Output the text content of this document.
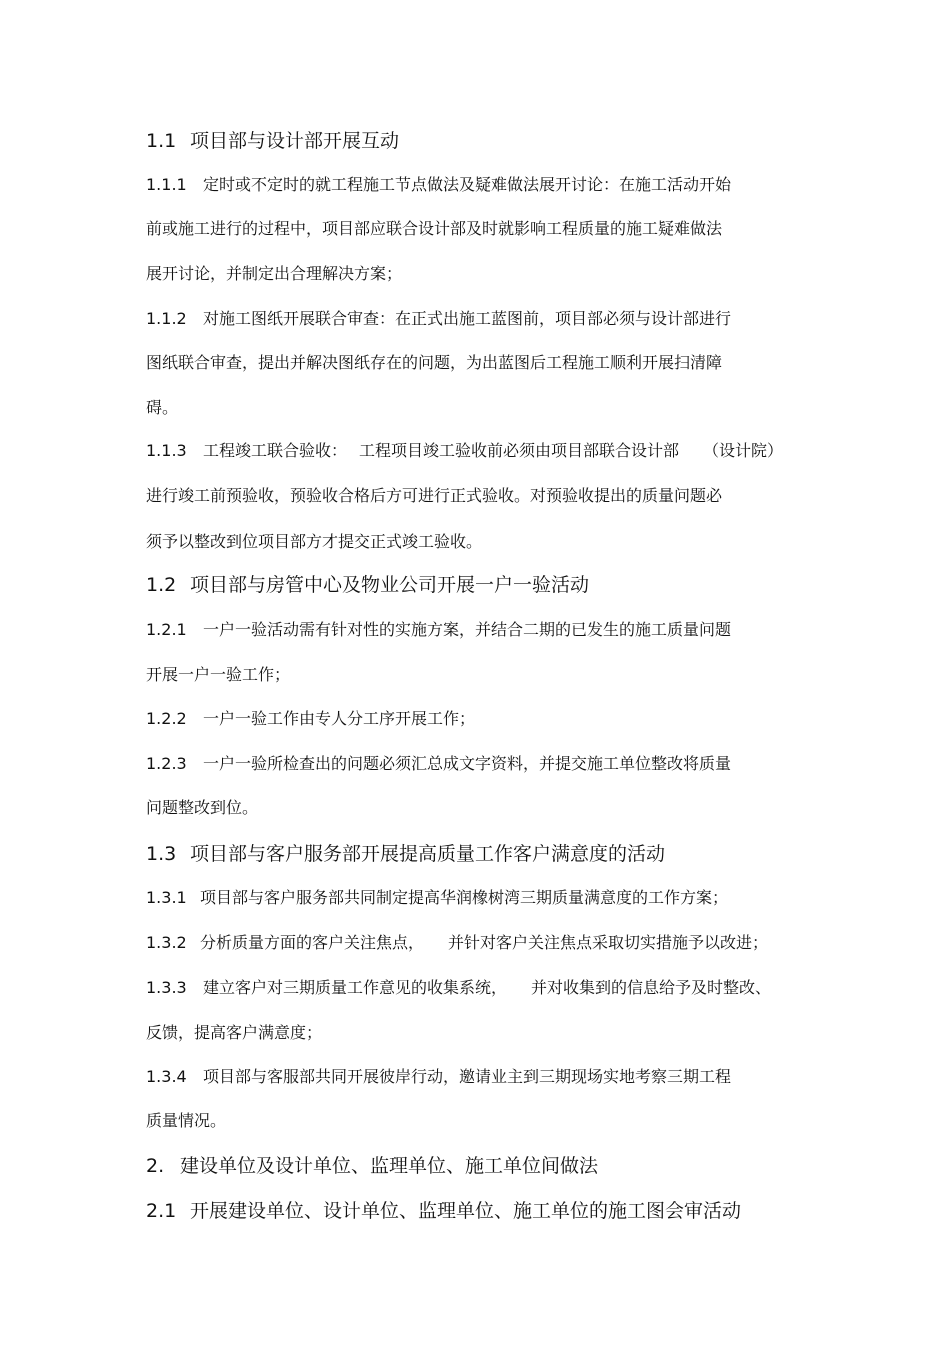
1.1 项目部与设计部开展互动
1.1.1 定时或不定时的就工程施工节点做法及疑难做法展开讨论：在施工活动开始
前或施工进行的过程中，项目部应联合设计部及时就影响工程质量的施工疑难做法
展开讨论，并制定出合理解决方案；
1.1.2 对施工图纸开展联合审查：在正式出施工蓝图前，项目部必须与设计部进行
图纸联合审查，提出并解决图纸存在的问题，为出蓝图后工程施工顺利开展扫清障
碍。
1.1.3 工程竣工联合验收： 工程项目竣工验收前必须由项目部联合设计部 （设计院）
进行竣工前预验收，预验收合格后方可进行正式验收。对预验收提出的质量问题必
须予以整改到位项目部方才提交正式竣工验收。
1.2 项目部与房管中心及物业公司开展一户一验活动
1.2.1 一户一验活动需有针对性的实施方案，并结合二期的已发生的施工质量问题
开展一户一验工作；
1.2.2 一户一验工作由专人分工序开展工作；
1.2.3 一户一验所检查出的问题必须汇总成文字资料，并提交施工单位整改将质量
问题整改到位。
1.3 项目部与客户服务部开展提高质量工作客户满意度的活动
1.3.1 项目部与客户服务部共同制定提高华润橡树湾三期质量满意度的工作方案；
1.3.2 分析质量方面的客户关注焦点， 并针对客户关注焦点采取切实措施予以改进；
1.3.3 建立客户对三期质量工作意见的收集系统， 并对收集到的信息给予及时整改、
反馈，提高客户满意度；
1.3.4 项目部与客服部共同开展彼岸行动，邀请业主到三期现场实地考察三期工程
质量情况。
2. 建设单位及设计单位、监理单位、施工单位间做法
2.1 开展建设单位、设计单位、监理单位、施工单位的施工图会审活动
